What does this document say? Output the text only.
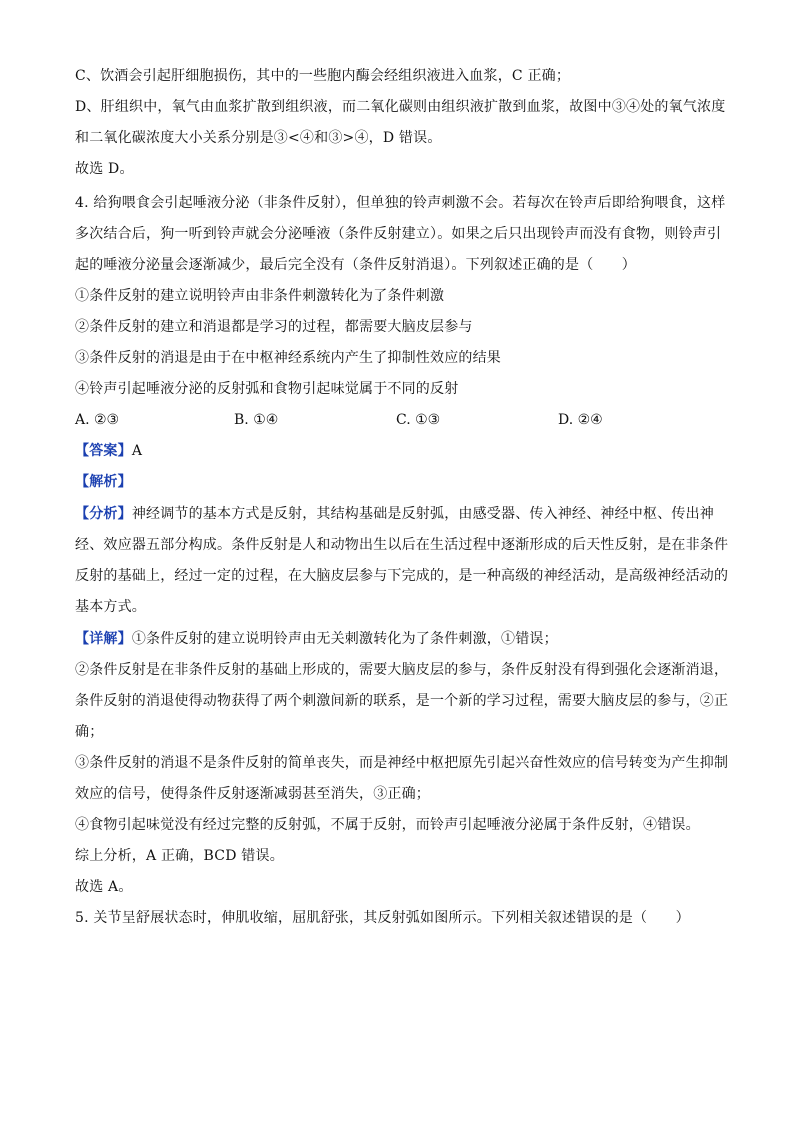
C、饮酒会引起肝细胞损伤，其中的一些胞内酶会经组织液进入血浆，C 正确；
D、肝组织中，氧气由血浆扩散到组织液，而二氧化碳则由组织液扩散到血浆，故图中③④处的氧气浓度
和二氧化碳浓度大小关系分别是③<④和③>④，D 错误。
故选 D。
4. 给狗喂食会引起唾液分泌（非条件反射），但单独的铃声刺激不会。若每次在铃声后即给狗喂食，这样
多次结合后，狗一听到铃声就会分泌唾液（条件反射建立）。如果之后只出现铃声而没有食物，则铃声引
起的唾液分泌量会逐渐减少，最后完全没有（条件反射消退）。下列叙述正确的是（　　）
①条件反射的建立说明铃声由非条件刺激转化为了条件刺激
②条件反射的建立和消退都是学习的过程，都需要大脑皮层参与
③条件反射的消退是由于在中枢神经系统内产生了抑制性效应的结果
④铃声引起唾液分泌的反射弧和食物引起味觉属于不同的反射
A. ②③	B. ①④	C. ①③	D. ②④
【答案】A
【解析】
【分析】神经调节的基本方式是反射，其结构基础是反射弧，由感受器、传入神经、神经中枢、传出神
经、效应器五部分构成。条件反射是人和动物出生以后在生活过程中逐渐形成的后天性反射，是在非条件
反射的基础上，经过一定的过程，在大脑皮层参与下完成的，是一种高级的神经活动，是高级神经活动的
基本方式。
【详解】①条件反射的建立说明铃声由无关刺激转化为了条件刺激，①错误；
②条件反射是在非条件反射的基础上形成的，需要大脑皮层的参与，条件反射没有得到强化会逐渐消退，
条件反射的消退使得动物获得了两个刺激间新的联系，是一个新的学习过程，需要大脑皮层的参与，②正
确；
③条件反射的消退不是条件反射的简单丧失，而是神经中枢把原先引起兴奋性效应的信号转变为产生抑制
效应的信号，使得条件反射逐渐减弱甚至消失，③正确；
④食物引起味觉没有经过完整的反射弧，不属于反射，而铃声引起唾液分泌属于条件反射，④错误。
综上分析，A 正确，BCD 错误。
故选 A。
5. 关节呈舒展状态时，伸肌收缩，屈肌舒张，其反射弧如图所示。下列相关叙述错误的是（　　）
